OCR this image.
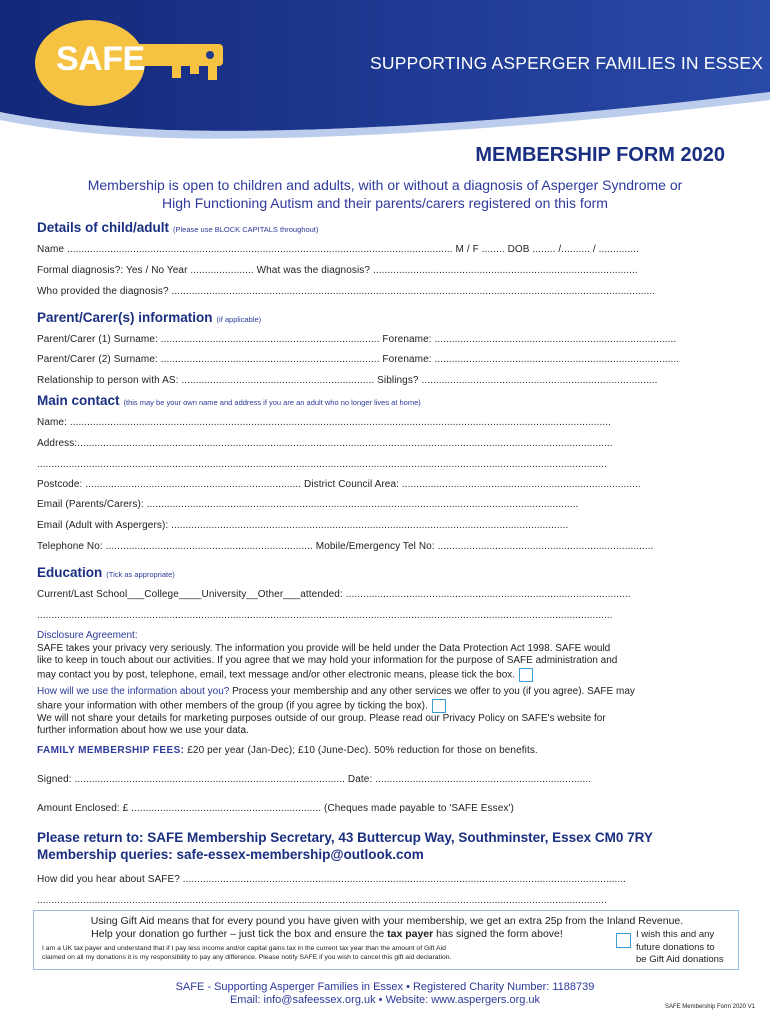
SAFE	SUPPORTING ASPERGER FAMILIES IN ESSEX
MEMBERSHIP FORM 2020
Membership is open to children and adults, with or without a diagnosis of Asperger Syndrome or
High Functioning Autism and their parents/carers registered on this form
Details of child/adult (Please use BLOCK CAPITALS throughout)
Name ...................................................................................................................................... M / F ........ DOB ........ /.......... / ..............
Formal diagnosis?: Yes / No Year ...................... What was the diagnosis? ............................................................................................
Who provided the diagnosis? ........................................................................................................................................................................
Parent/Carer(s) information (if applicable)
Parent/Carer (1) Surname: ............................................................................ Forename: ....................................................................................
Parent/Carer (2) Surname: ............................................................................ Forename: .....................................................................................
Relationship to person with AS: ................................................................... Siblings? ..................................................................................
Main contact (this may be your own name and address if you are an adult who no longer lives at home)
Name: ............................................................................................................................................................................................
Address:..........................................................................................................................................................................................
......................................................................................................................................................................................................
Postcode: ........................................................................... District Council Area: ...................................................................................
Email (Parents/Carers): ......................................................................................................................................................
Email (Adult with Aspergers): ..........................................................................................................................................
Telephone No: ........................................................................ Mobile/Emergency Tel No: ...........................................................................
Education (Tick as appropriate)
Current/Last School___College____University__Other___attended: ...................................................................................................
........................................................................................................................................................................................................
Disclosure Agreement:
SAFE takes your privacy very seriously. The information you provide will be held under the Data Protection Act 1998. SAFE would
like to keep in touch about our activities. If you agree that we may hold your information for the purpose of SAFE administration and
may contact you by post, telephone, email, text message and/or other electronic means, please tick the box.
How will we use the information about you? Process your membership and any other services we offer to you (if you agree). SAFE may
share your information with other members of the group (if you agree by ticking the box).
We will not share your details for marketing purposes outside of our group. Please read our Privacy Policy on SAFE's website for
further information about how we use your data.
FAMILY MEMBERSHIP FEES: £20 per year (Jan-Dec); £10 (June-Dec). 50% reduction for those on benefits.
Signed: .............................................................................................. Date: ...........................................................................
Amount Enclosed: £ .................................................................. (Cheques made payable to 'SAFE Essex')
Please return to: SAFE Membership Secretary, 43 Buttercup Way, Southminster, Essex CM0 7RY
Membership queries: safe-essex-membership@outlook.com
How did you hear about SAFE? ..........................................................................................................................................................
......................................................................................................................................................................................................
Using Gift Aid means that for every pound you have given with your membership, we get an extra 25p from the Inland Revenue.
Help your donation go further – just tick the box and ensure the tax payer has signed the form above!
I am a UK tax payer and understand that if I pay less income and/or capital gains tax in the current tax year than the amount of Gift Aid
claimed on all my donations it is my responsibility to pay any difference. Please notify SAFE if you wish to cancel this gift aid declaration.
I wish this and any
future donations to
be Gift Aid donations
SAFE - Supporting Asperger Families in Essex • Registered Charity Number: 1188739
Email: info@safeessex.org.uk • Website: www.aspergers.org.uk
SAFE Membership Form 2020 V1
